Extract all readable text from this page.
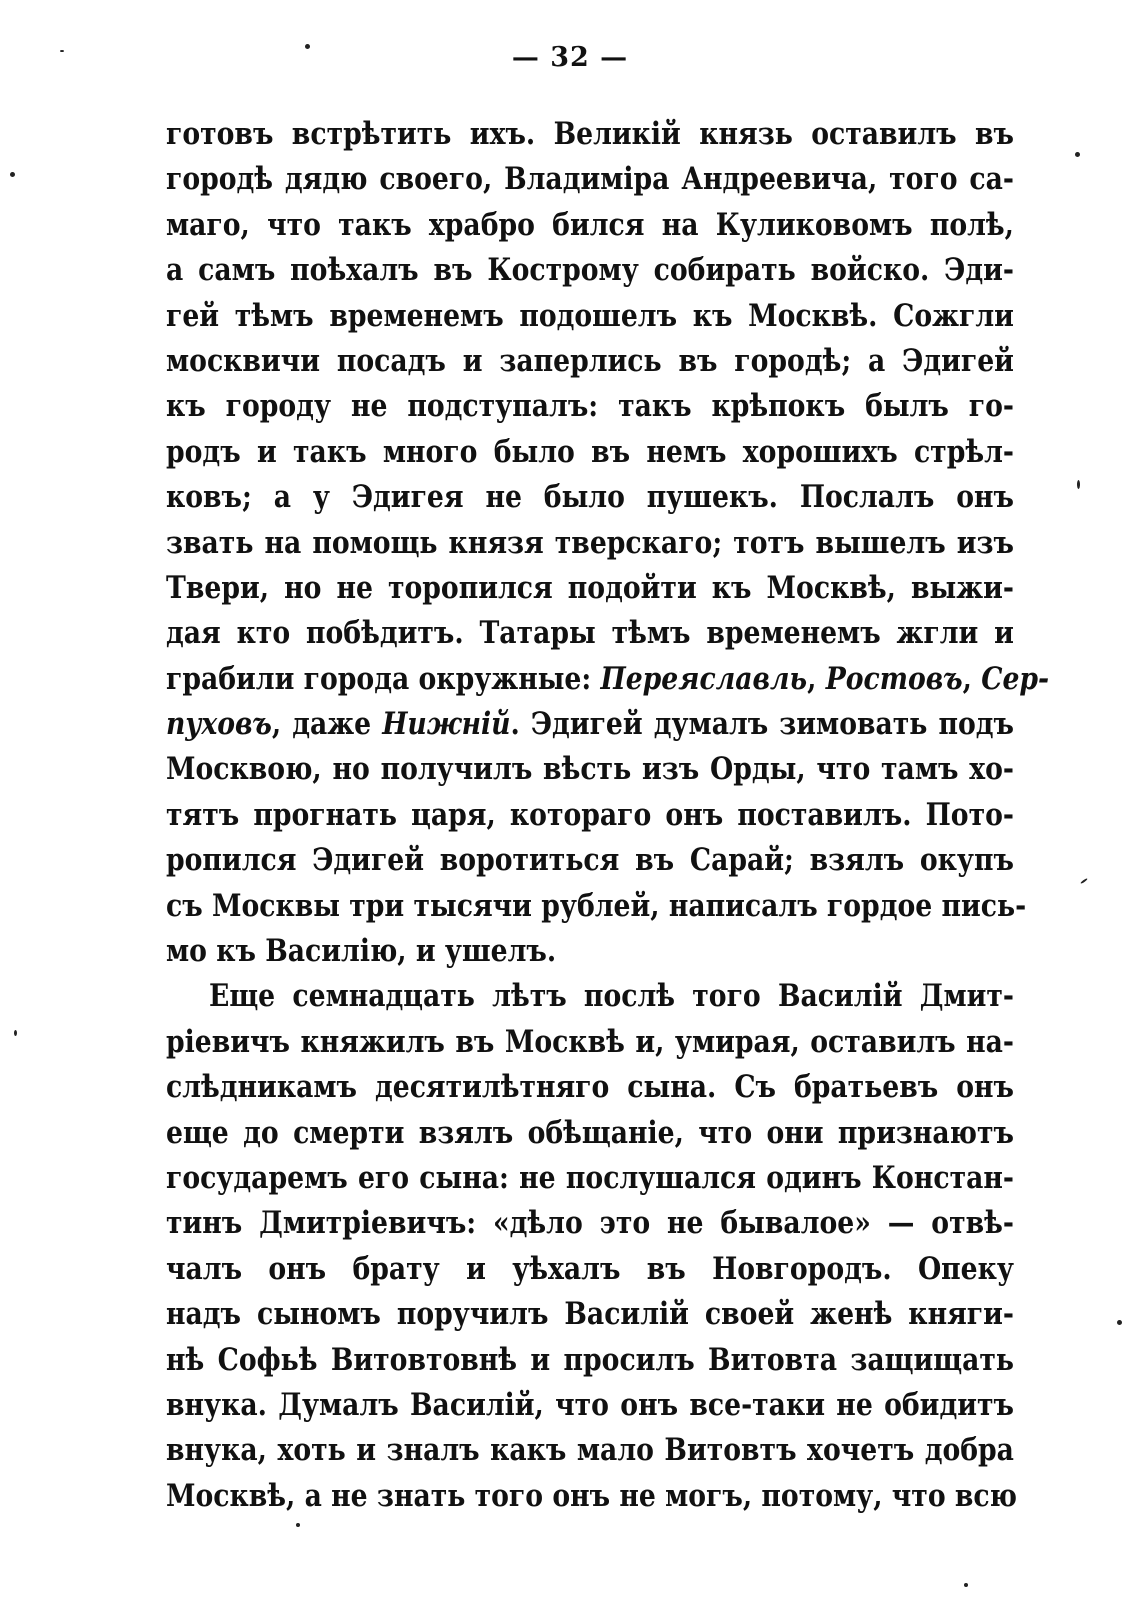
— 32 —
готовъ встрѣтить ихъ. Великій князь оставилъ въ
городѣ дядю своего, Владиміра Андреевича, того са-
маго, что такъ храбро бился на Куликовомъ полѣ,
а самъ поѣхалъ въ Кострому собирать войско. Эди-
гей тѣмъ временемъ подошелъ къ Москвѣ. Сожгли
москвичи посадъ и заперлись въ городѣ; а Эдигей
къ городу не подступалъ: такъ крѣпокъ былъ го-
родъ и такъ много было въ немъ хорошихъ стрѣл-
ковъ; а у Эдигея не было пушекъ. Послалъ онъ
звать на помощь князя тверскаго; тотъ вышелъ изъ
Твери, но не торопился подойти къ Москвѣ, выжи-
дая кто побѣдитъ. Татары тѣмъ временемъ жгли и
грабили города окружные: Переяславль, Ростовъ, Сер-
пуховъ, даже Нижній. Эдигей думалъ зимовать подъ
Москвою, но получилъ вѣсть изъ Орды, что тамъ хо-
тятъ прогнать царя, котораго онъ поставилъ. Пото-
ропился Эдигей воротиться въ Сарай; взялъ окупъ
съ Москвы три тысячи рублей, написалъ гордое пись-
мо къ Василію, и ушелъ.
Еще семнадцать лѣтъ послѣ того Василій Дмит-
ріевичъ княжилъ въ Москвѣ и, умирая, оставилъ на-
слѣдникамъ десятилѣтняго сына. Съ братьевъ онъ
еще до смерти взялъ обѣщаніе, что они признаютъ
государемъ его сына: не послушался одинъ Констан-
тинъ Дмитріевичъ: «дѣло это не бывалое» — отвѣ-
чалъ онъ брату и уѣхалъ въ Новгородъ. Опеку
надъ сыномъ поручилъ Василій своей женѣ княги-
нѣ Софьѣ Витовтовнѣ и просилъ Витовта защищать
внука. Думалъ Василій, что онъ все-таки не обидитъ
внука, хоть и зналъ какъ мало Витовтъ хочетъ добра
Москвѣ, а не знать того онъ не могъ, потому, что всю
